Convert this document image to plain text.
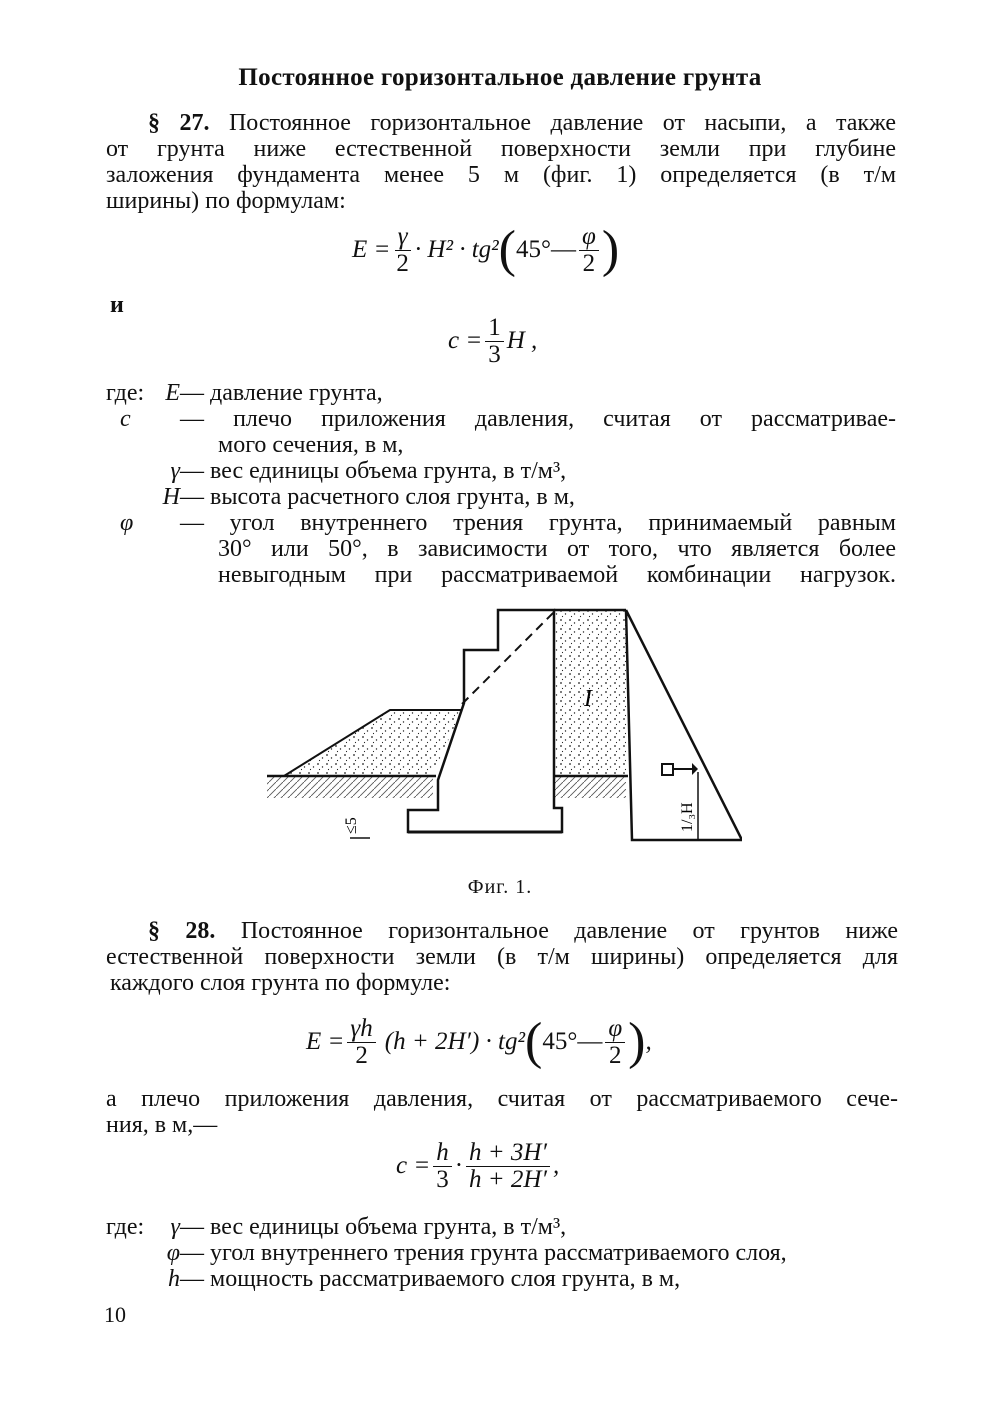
Постоянное горизонтальное давление грунта
§ 27. Постоянное горизонтальное давление от насыпи, а также
от грунта ниже естественной поверхности земли при глубине
заложения фундамента менее 5 м (фиг. 1) определяется (в т/м
ширины) по формулам:
$E = \frac{\gamma}{2} \cdot H^2 \cdot tg^2$ ( 45°— $\frac{\varphi}{2}$ )
и
$c = \frac{1}{3}$ H ,
где: E— давление грунта,
c — плечо приложения давления, считая от рассматривае-
мого сечения, в м,
γ— вес единицы объема грунта, в т/м³,
H— высота расчетного слоя грунта, в м,
φ — угол внутреннего трения грунта, принимаемый равным
30° или 50°, в зависимости от того, что является более
невыгодным при рассматриваемой комбинации нагрузок.
I
≤5	1/₃H
Фиг. 1.
§ 28. Постоянное горизонтальное давление от грунтов ниже
естественной поверхности земли (в т/м ширины) определяется для
каждого слоя грунта по формуле:
$E = \frac{\gamma h}{2} (h + 2H') \cdot tg^2$ ( 45°— $\frac{\varphi}{2}$ ) ,
а плечо приложения давления, считая от рассматриваемого сече-
ния, в м,—
$c = \frac{h}{3} \cdot \frac{h + 3H'}{h + 2H'}$ ,
где:	γ— вес единицы объема грунта, в т/м³,
φ— угол внутреннего трения грунта рассматриваемого слоя,
h— мощность рассматриваемого слоя грунта, в м,
10
